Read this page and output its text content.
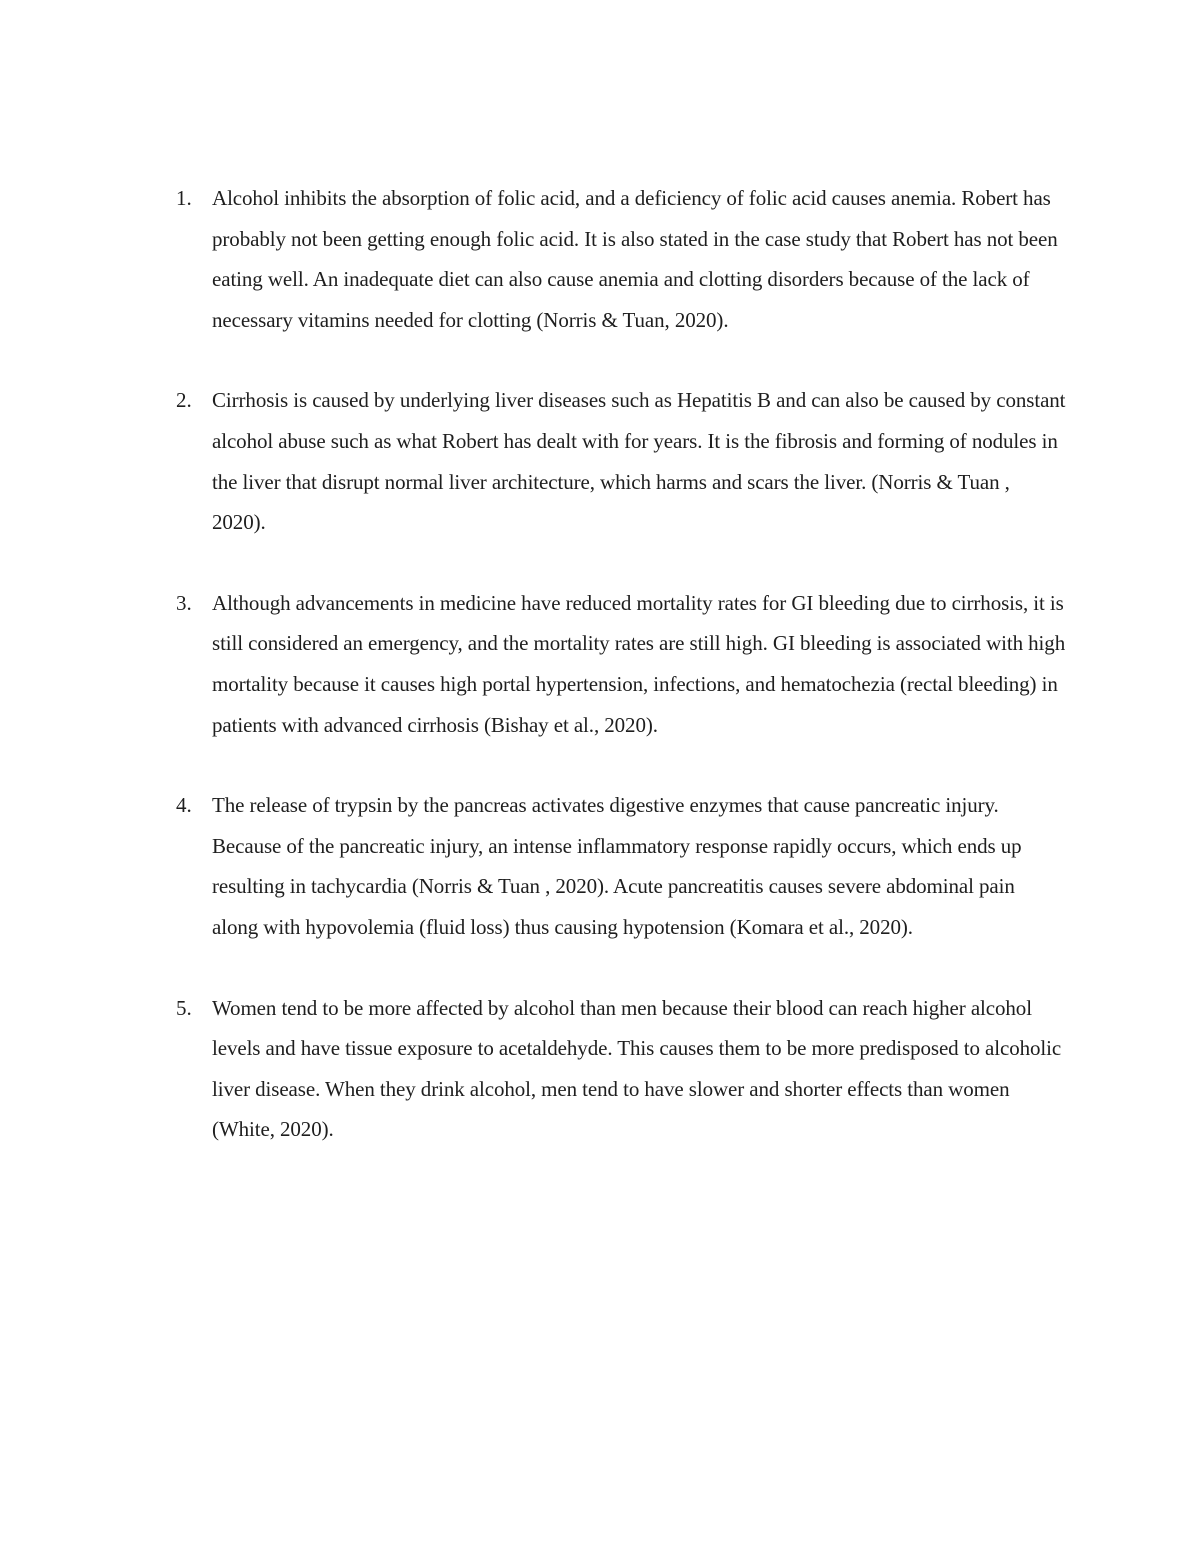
1. Alcohol inhibits the absorption of folic acid, and a deficiency of folic acid causes anemia. Robert has probably not been getting enough folic acid. It is also stated in the case study that Robert has not been eating well. An inadequate diet can also cause anemia and clotting disorders because of the lack of necessary vitamins needed for clotting (Norris & Tuan, 2020).
2. Cirrhosis is caused by underlying liver diseases such as Hepatitis B and can also be caused by constant alcohol abuse such as what Robert has dealt with for years. It is the fibrosis and forming of nodules in the liver that disrupt normal liver architecture, which harms and scars the liver. (Norris & Tuan , 2020).
3. Although advancements in medicine have reduced mortality rates for GI bleeding due to cirrhosis, it is still considered an emergency, and the mortality rates are still high. GI bleeding is associated with high mortality because it causes high portal hypertension, infections, and hematochezia (rectal bleeding) in patients with advanced cirrhosis (Bishay et al., 2020).
4. The release of trypsin by the pancreas activates digestive enzymes that cause pancreatic injury. Because of the pancreatic injury, an intense inflammatory response rapidly occurs, which ends up resulting in tachycardia (Norris & Tuan , 2020). Acute pancreatitis causes severe abdominal pain along with hypovolemia (fluid loss) thus causing hypotension (Komara et al., 2020).
5. Women tend to be more affected by alcohol than men because their blood can reach higher alcohol levels and have tissue exposure to acetaldehyde. This causes them to be more predisposed to alcoholic liver disease. When they drink alcohol, men tend to have slower and shorter effects than women (White, 2020).
